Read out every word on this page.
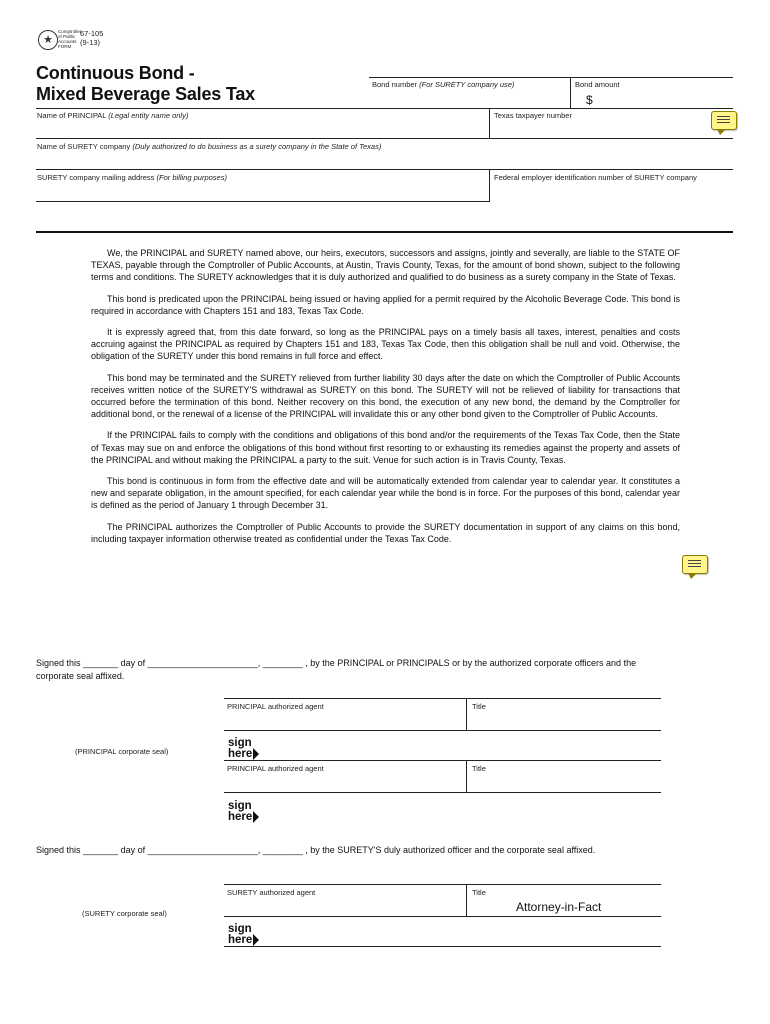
★
Comptroller
of Public
Accounts
FORM
67-105
(9-13)
Continuous Bond -
Mixed Beverage Sales Tax	Bond number (For SURETY company use)	Bond amount
$
Name of PRINCIPAL (Legal entity name only)	Texas taxpayer number
Name of SURETY company (Duly authorized to do business as a surety company in the State of Texas)
SURETY company mailing address (For billing purposes)	Federal employer identification number of SURETY company

We, the PRINCIPAL and SURETY named above, our heirs, executors, successors and assigns, jointly and severally, are liable to the STATE OF TEXAS, payable through the Comptroller of Public Accounts, at Austin, Travis County, Texas, for the amount of bond shown, subject to the following terms and conditions. The SURETY acknowledges that it is duly authorized and qualified to do business as a surety company in the State of Texas.

This bond is predicated upon the PRINCIPAL being issued or having applied for a permit required by the Alcoholic Beverage Code. This bond is required in accordance with Chapters 151 and 183, Texas Tax Code.

It is expressly agreed that, from this date forward, so long as the PRINCIPAL pays on a timely basis all taxes, interest, penalties and costs accruing against the PRINCIPAL as required by Chapters 151 and 183, Texas Tax Code, then this obligation shall be null and void. Otherwise, the obligation of the SURETY under this bond remains in full force and effect.

This bond may be terminated and the SURETY relieved from further liability 30 days after the date on which the Comptroller of Public Accounts receives written notice of the SURETY'S withdrawal as SURETY on this bond. The SURETY will not be relieved of liability for transactions that occurred before the termination of this bond. Neither recovery on this bond, the execution of any new bond, the demand by the Comptroller for additional bond, or the renewal of a license of the PRINCIPAL will invalidate this or any other bond given to the Comptroller of Public Accounts.

If the PRINCIPAL fails to comply with the conditions and obligations of this bond and/or the requirements of the Texas Tax Code, then the State of Texas may sue on and enforce the obligations of this bond without first resorting to or exhausting its remedies against the property and assets of the PRINCIPAL and without making the PRINCIPAL a party to the suit. Venue for such action is in Travis County, Texas.

This bond is continuous in form from the effective date and will be automatically extended from calendar year to calendar year. It constitutes a new and separate obligation, in the amount specified, for each calendar year while the bond is in force. For the purposes of this bond, calendar year is defined as the period of January 1 through December 31.

The PRINCIPAL authorizes the Comptroller of Public Accounts to provide the SURETY documentation in support of any claims on this bond, including taxpayer information otherwise treated as confidential under the Texas Tax Code.

Signed this _______ day of ______________________, ________ , by the PRINCIPAL or PRINCIPALS or by the authorized corporate officers and the
corporate seal affixed.
PRINCIPAL authorized agent	Title
sign
here
(PRINCIPAL corporate seal)
PRINCIPAL authorized agent	Title
sign
here
Signed this _______ day of ______________________, ________ , by the SURETY'S duly authorized officer and the corporate seal affixed.
SURETY authorized agent	Title
Attorney-in-Fact
(SURETY corporate seal)
sign
here
